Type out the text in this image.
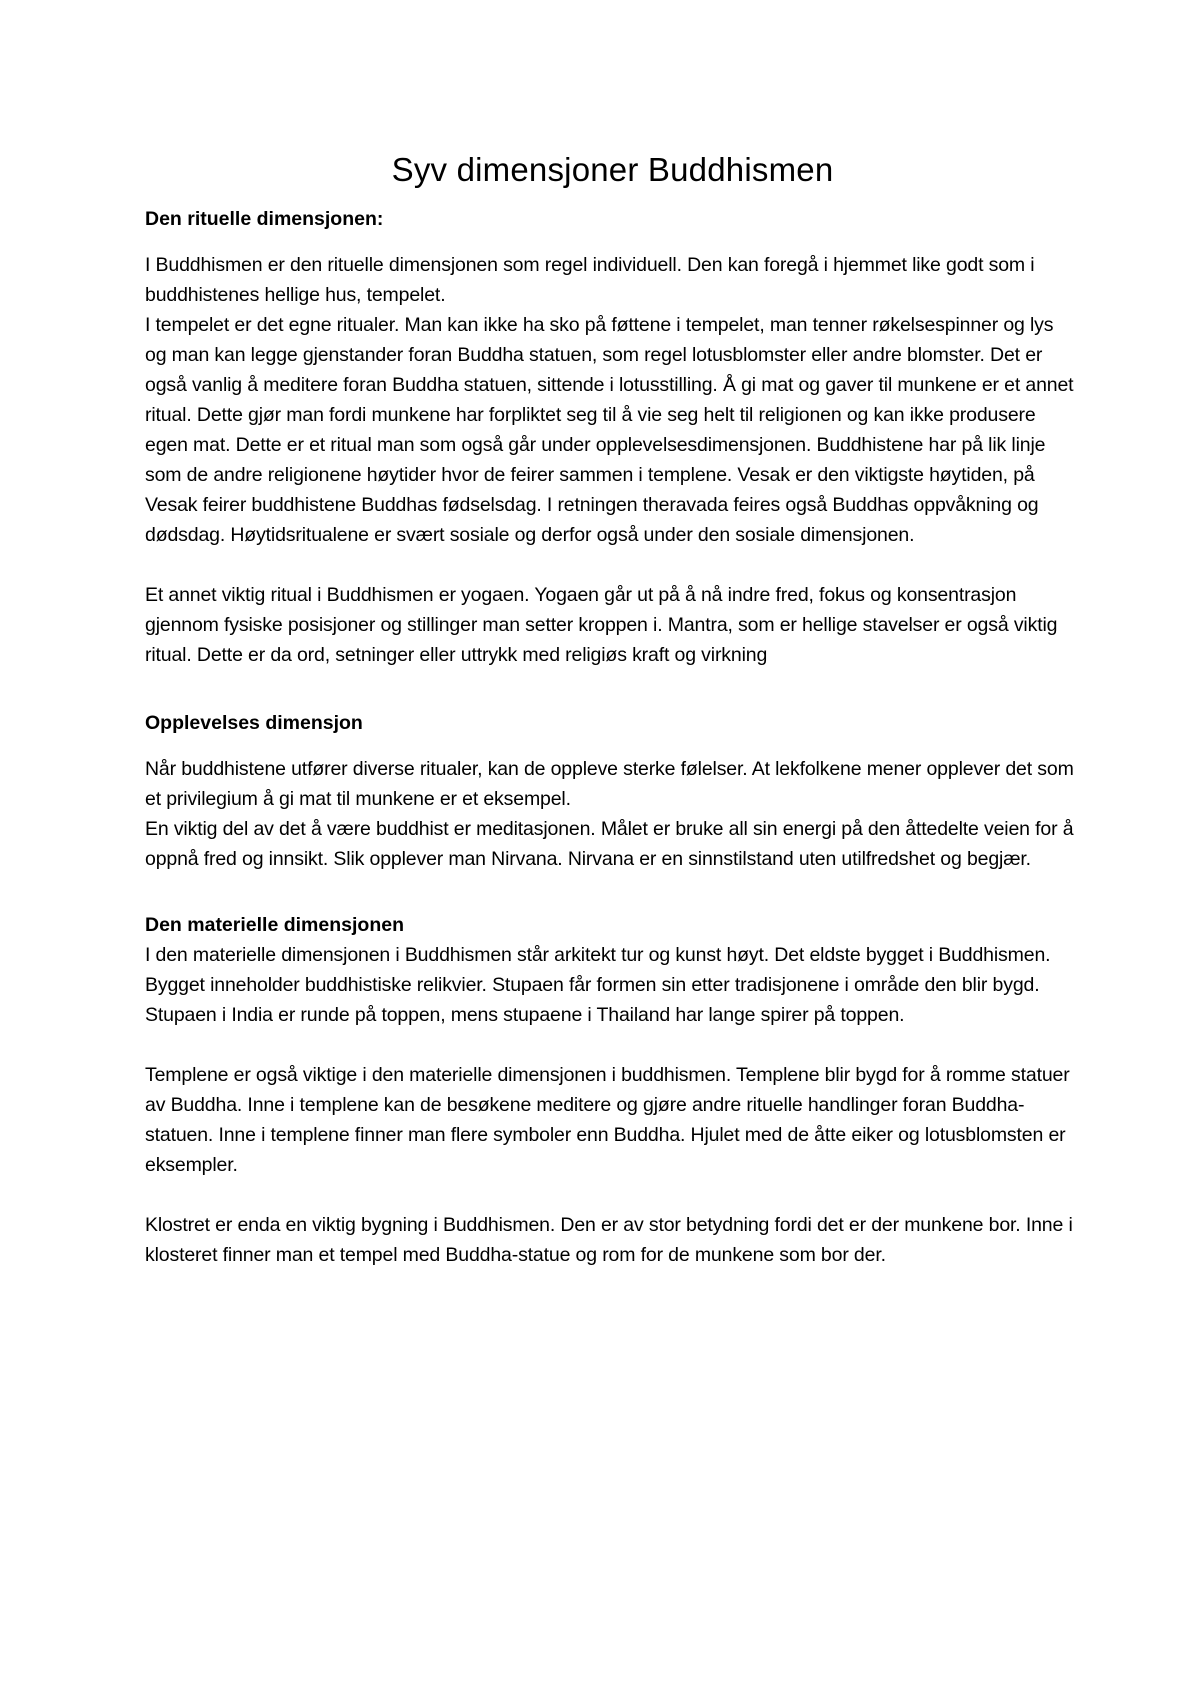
Syv dimensjoner Buddhismen

Den rituelle dimensjonen:

I Buddhismen er den rituelle dimensjonen som regel individuell. Den kan foregå i hjemmet like godt som i buddhistenes hellige hus, tempelet.

I tempelet er det egne ritualer. Man kan ikke ha sko på føttene i tempelet, man tenner røkelsespinner og lys og man kan legge gjenstander foran Buddha statuen, som regel lotusblomster eller andre blomster. Det er også vanlig å meditere foran Buddha statuen, sittende i lotusstilling. Å gi mat og gaver til munkene er et annet ritual. Dette gjør man fordi munkene har forpliktet seg til å vie seg helt til religionen og kan ikke produsere egen mat. Dette er et ritual man som også går under opplevelsesdimensjonen. Buddhistene har på lik linje som de andre religionene høytider hvor de feirer sammen i templene. Vesak er den viktigste høytiden, på Vesak feirer buddhistene Buddhas fødselsdag. I retningen theravada feires også Buddhas oppvåkning og dødsdag. Høytidsritualene er svært sosiale og derfor også under den sosiale dimensjonen.

Et annet viktig ritual i Buddhismen er yogaen. Yogaen går ut på å nå indre fred, fokus og konsentrasjon gjennom fysiske posisjoner og stillinger man setter kroppen i. Mantra, som er hellige stavelser er også viktig ritual. Dette er da ord, setninger eller uttrykk med religiøs kraft og virkning

Opplevelses dimensjon

Når buddhistene utfører diverse ritualer, kan de oppleve sterke følelser. At lekfolkene mener opplever det som et privilegium å gi mat til munkene er et eksempel.

En viktig del av det å være buddhist er meditasjonen. Målet er bruke all sin energi på den åttedelte veien for å oppnå fred og innsikt. Slik opplever man Nirvana. Nirvana er en sinnstilstand uten utilfredshet og begjær.

Den materielle dimensjonen

I den materielle dimensjonen i Buddhismen står arkitekt tur og kunst høyt. Det eldste bygget i Buddhismen. Bygget inneholder buddhistiske relikvier. Stupaen får formen sin etter tradisjonene i område den blir bygd. Stupaen i India er runde på toppen, mens stupaene i Thailand har lange spirer på toppen.

Templene er også viktige i den materielle dimensjonen i buddhismen. Templene blir bygd for å romme statuer av Buddha. Inne i templene kan de besøkene meditere og gjøre andre rituelle handlinger foran Buddha-statuen. Inne i templene finner man flere symboler enn Buddha. Hjulet med de åtte eiker og lotusblomsten er eksempler.

Klostret er enda en viktig bygning i Buddhismen. Den er av stor betydning fordi det er der munkene bor. Inne i klosteret finner man et tempel med Buddha-statue og rom for de munkene som bor der.
